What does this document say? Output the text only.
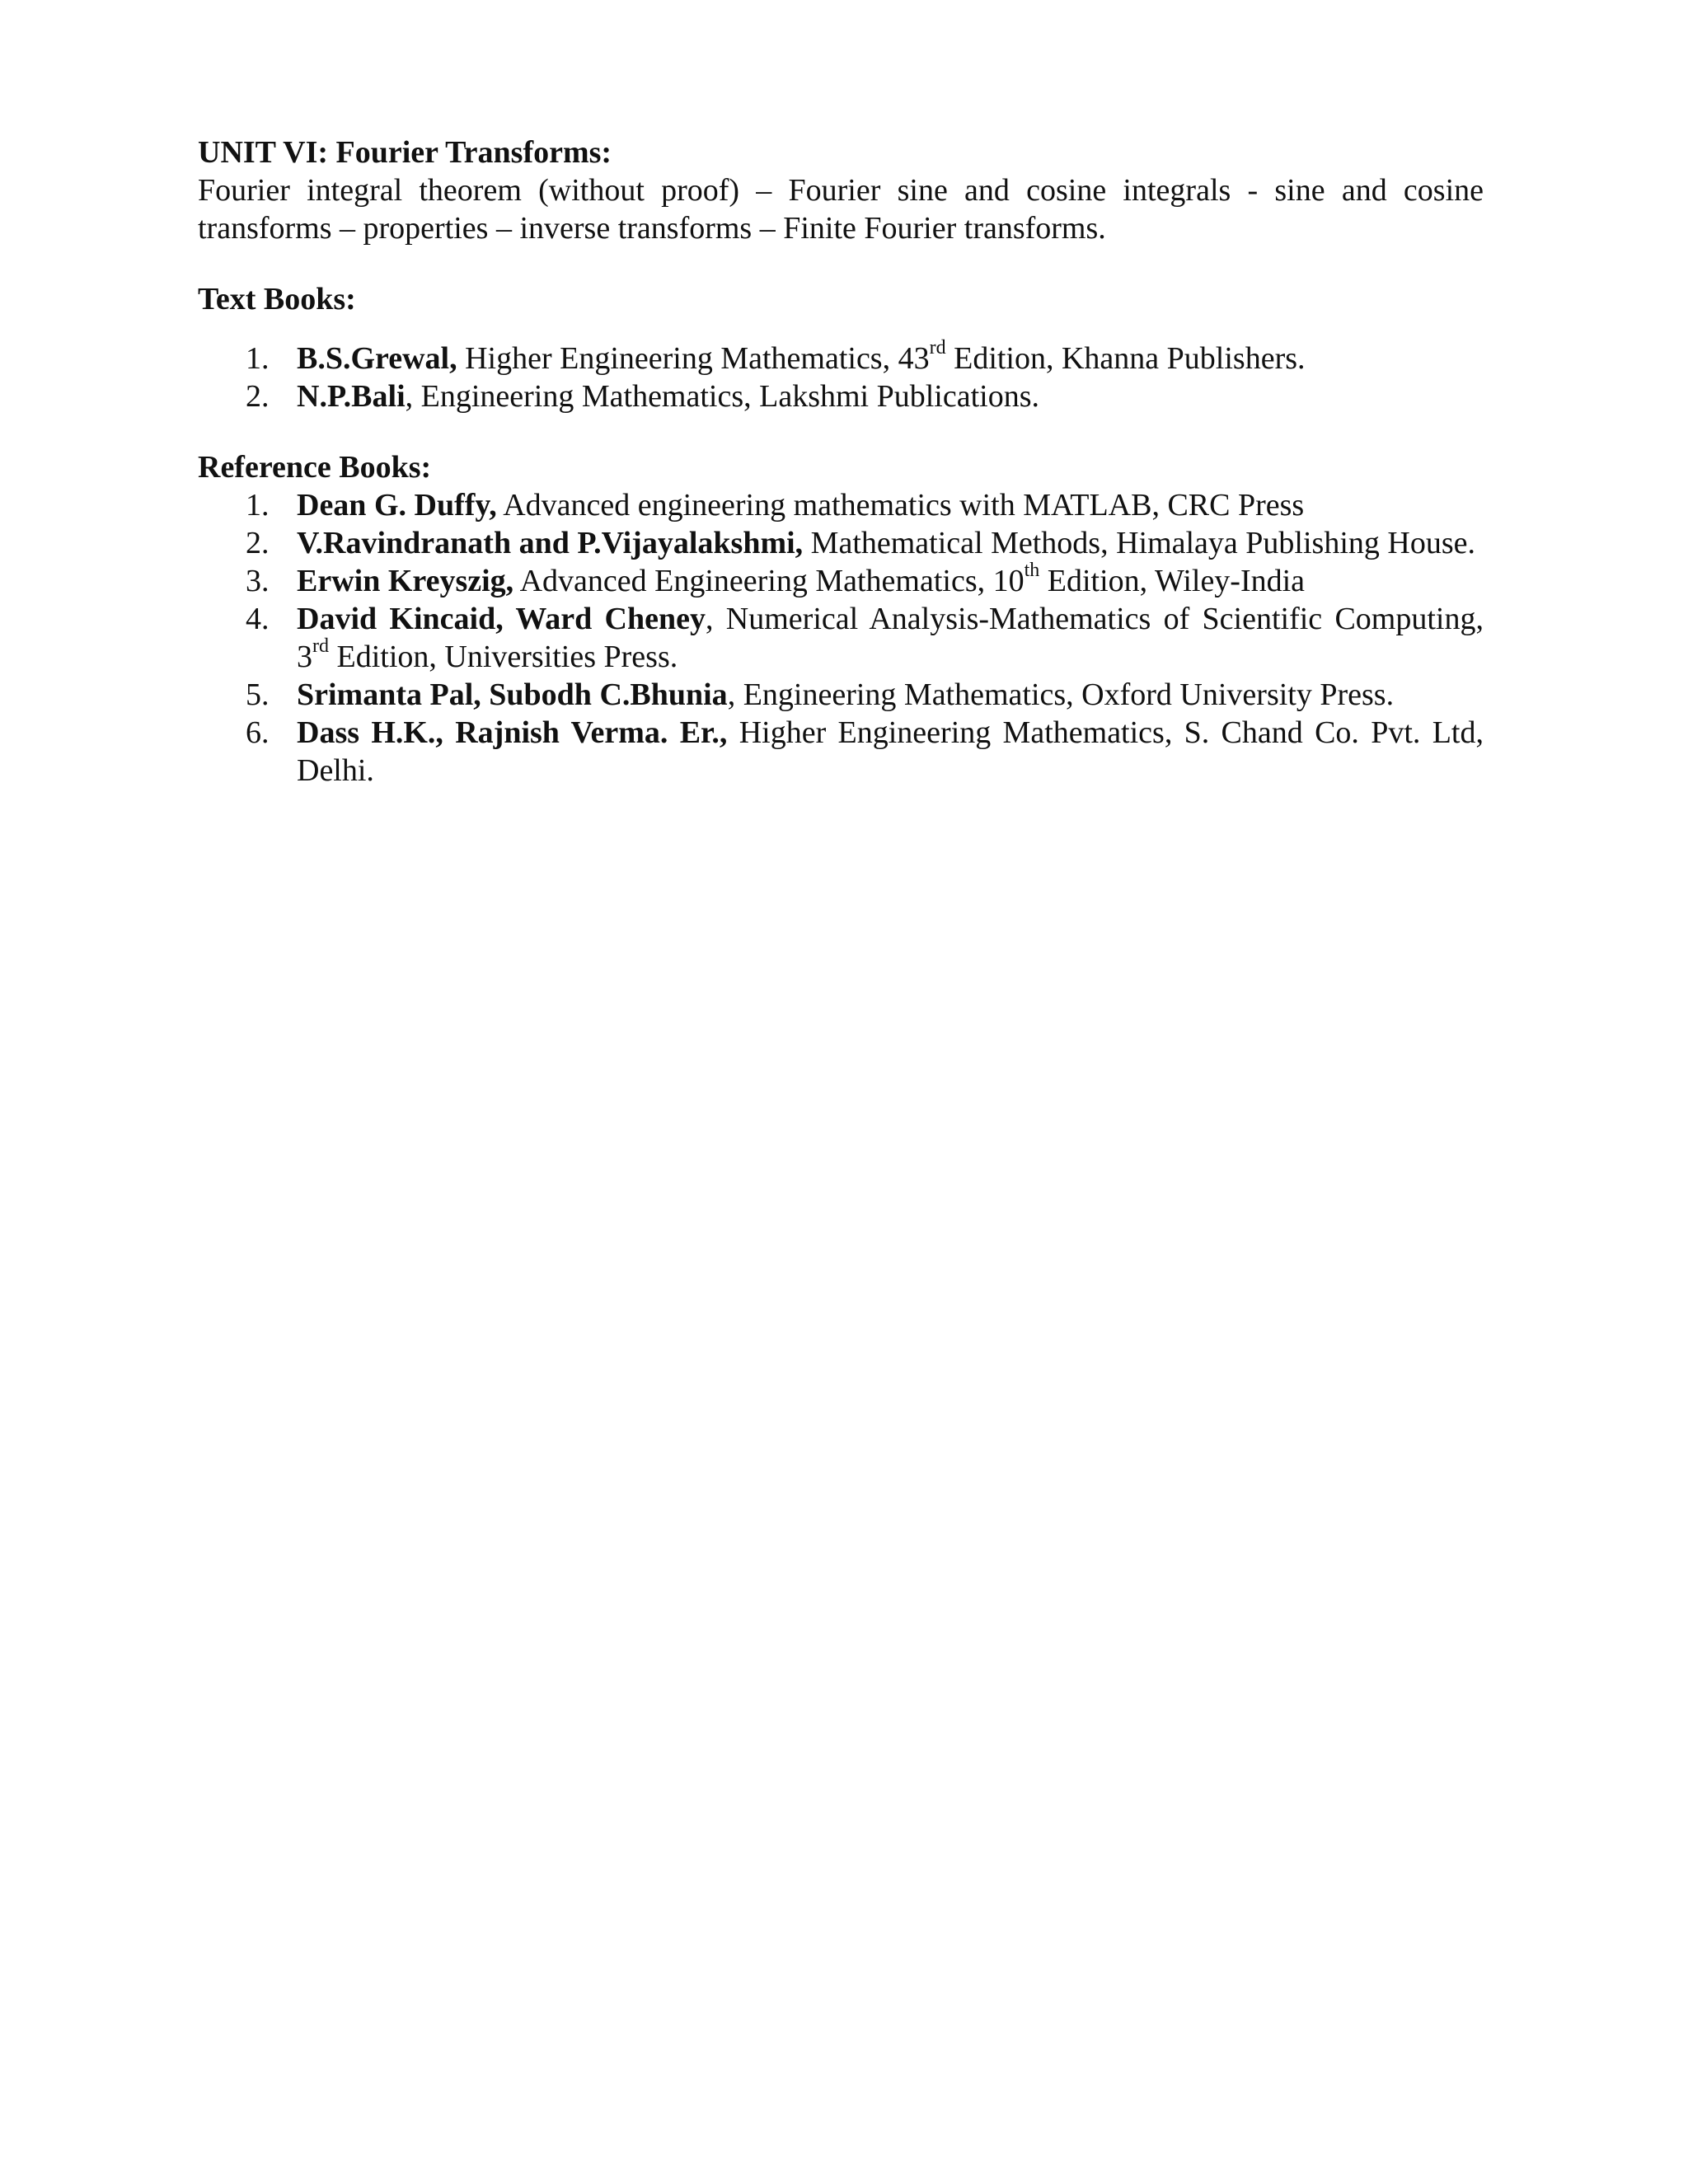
UNIT VI: Fourier Transforms:

Fourier integral theorem (without proof) – Fourier sine and cosine integrals - sine and cosine transforms – properties – inverse transforms – Finite Fourier transforms.

Text Books:

1. B.S.Grewal, Higher Engineering Mathematics, 43rd Edition, Khanna Publishers.
2. N.P.Bali, Engineering Mathematics, Lakshmi Publications.

Reference Books:

1. Dean G. Duffy, Advanced engineering mathematics with MATLAB, CRC Press
2. V.Ravindranath and P.Vijayalakshmi, Mathematical Methods, Himalaya Publishing House.
3. Erwin Kreyszig, Advanced Engineering Mathematics, 10th Edition, Wiley-India
4. David Kincaid, Ward Cheney, Numerical Analysis-Mathematics of Scientific Computing, 3rd Edition, Universities Press.
5. Srimanta Pal, Subodh C.Bhunia, Engineering Mathematics, Oxford University Press.
6. Dass H.K., Rajnish Verma. Er., Higher Engineering Mathematics, S. Chand Co. Pvt. Ltd, Delhi.
